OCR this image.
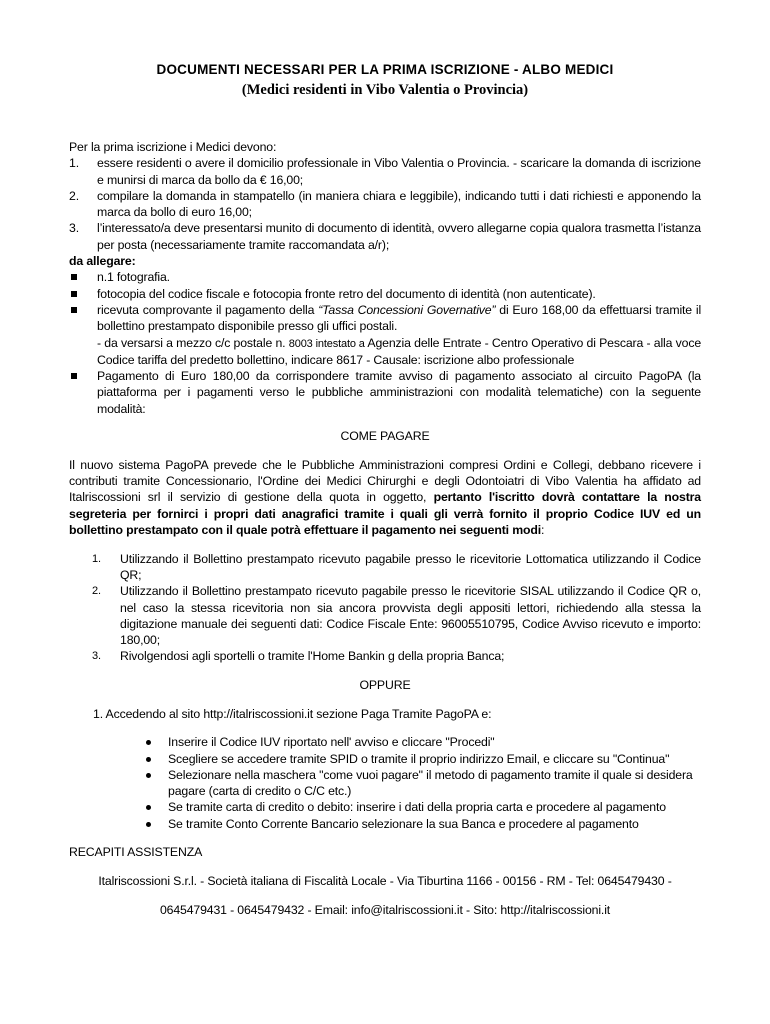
DOCUMENTI NECESSARI PER LA PRIMA ISCRIZIONE - ALBO MEDICI
(Medici residenti in Vibo Valentia o Provincia)

Per la prima iscrizione i Medici devono:

1. essere residenti o avere il domicilio professionale in Vibo Valentia o Provincia. - scaricare la domanda di iscrizione e munirsi di marca da bollo da € 16,00;
2. compilare la domanda in stampatello (in maniera chiara e leggibile), indicando tutti i dati richiesti e apponendo la marca da bollo di euro 16,00;
3. l’interessato/a deve presentarsi munito di documento di identità, ovvero allegarne copia qualora trasmetta l’istanza per posta (necessariamente tramite raccomandata a/r);

da allegare:

n.1 fotografia.
fotocopia del codice fiscale e fotocopia fronte retro del documento di identità (non autenticate).
ricevuta comprovante il pagamento della “Tassa Concessioni Governative” di Euro 168,00 da effettuarsi tramite il bollettino prestampato disponibile presso gli uffici postali.
- da versarsi a mezzo c/c postale n. 8003 intestato a Agenzia delle Entrate - Centro Operativo di Pescara - alla voce Codice tariffa del predetto bollettino, indicare 8617 - Causale: iscrizione albo professionale
Pagamento di Euro 180,00 da corrispondere tramite avviso di pagamento associato al circuito PagoPA (la piattaforma per i pagamenti verso le pubbliche amministrazioni con modalità telematiche) con la seguente modalità:

COME PAGARE

Il nuovo sistema PagoPA prevede che le Pubbliche Amministrazioni compresi Ordini e Collegi, debbano ricevere i contributi tramite Concessionario, l'Ordine dei Medici Chirurghi e degli Odontoiatri di Vibo Valentia ha affidato ad Italriscossioni srl il servizio di gestione della quota in oggetto, pertanto l'iscritto dovrà contattare la nostra segreteria per fornirci i propri dati anagrafici tramite i quali gli verrà fornito il proprio Codice IUV ed un bollettino prestampato con il quale potrà effettuare il pagamento nei seguenti modi:

1. Utilizzando il Bollettino prestampato ricevuto pagabile presso le ricevitorie Lottomatica utilizzando il Codice QR;
2. Utilizzando il Bollettino prestampato ricevuto pagabile presso le ricevitorie SISAL utilizzando il Codice QR o, nel caso la stessa ricevitoria non sia ancora provvista degli appositi lettori, richiedendo alla stessa la digitazione manuale dei seguenti dati: Codice Fiscale Ente: 96005510795, Codice Avviso ricevuto e importo: 180,00;
3. Rivolgendosi agli sportelli o tramite l'Home Bankin g della propria Banca;

OPPURE

1. Accedendo al sito http://italriscossioni.it sezione Paga Tramite PagoPA e:

Inserire il Codice IUV riportato nell' avviso e cliccare "Procedi"
Scegliere se accedere tramite SPID o tramite il proprio indirizzo Email, e cliccare su "Continua"
Selezionare nella maschera "come vuoi pagare" il metodo di pagamento tramite il quale si desidera pagare (carta di credito o C/C etc.)
Se tramite carta di credito o debito: inserire i dati della propria carta e procedere al pagamento
Se tramite Conto Corrente Bancario selezionare la sua Banca e procedere al pagamento

RECAPITI ASSISTENZA

Italriscossioni S.r.l. - Società italiana di Fiscalità Locale - Via Tiburtina 1166 - 00156 - RM - Tel: 0645479430 -

0645479431 - 0645479432 - Email: info@italriscossioni.it - Sito: http://italriscossioni.it
